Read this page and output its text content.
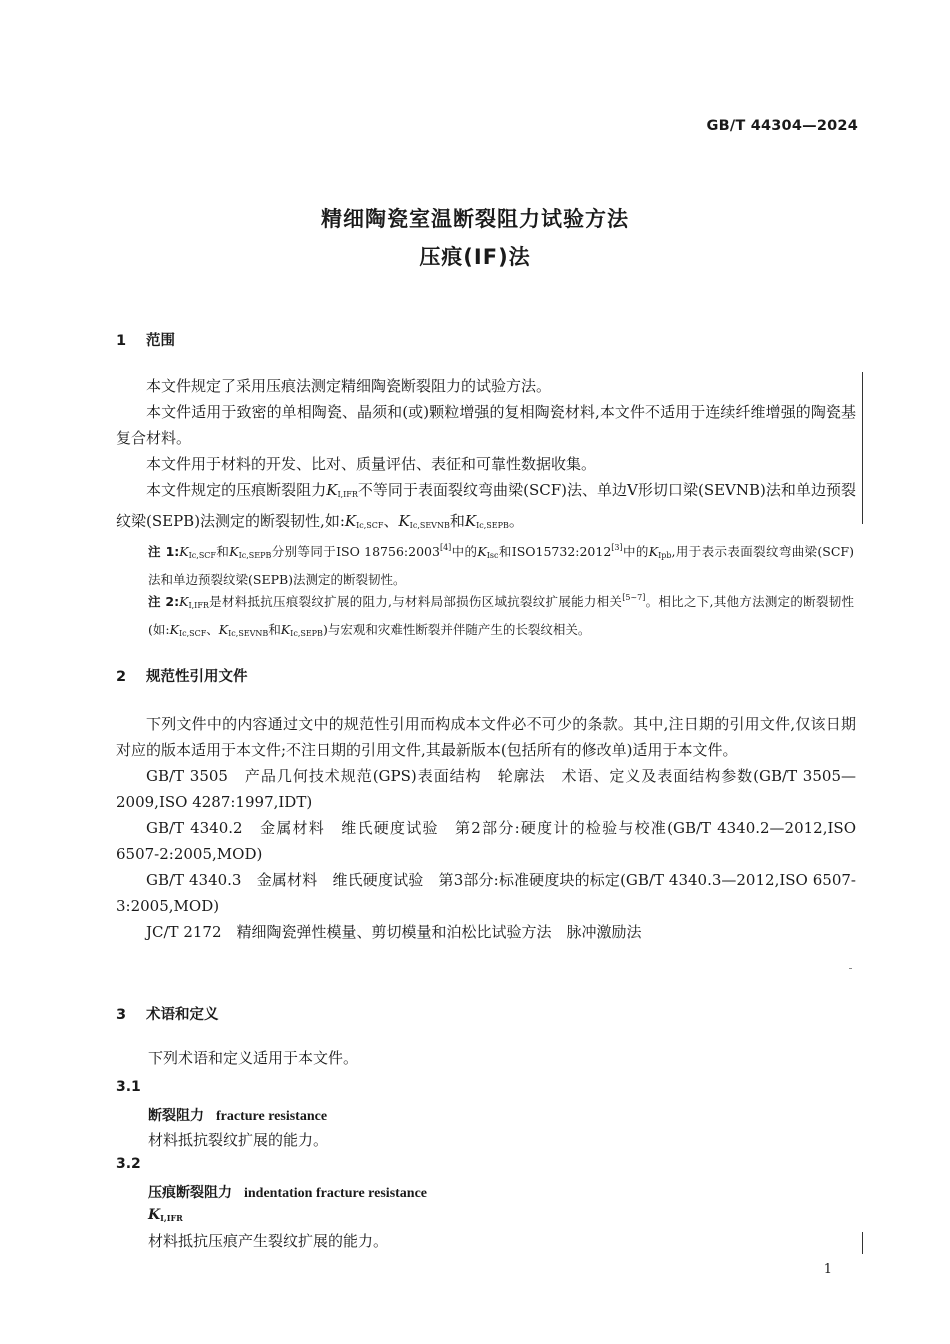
GB/T 44304—2024
精细陶瓷室温断裂阻力试验方法
压痕(IF)法
1 范围

本文件规定了采用压痕法测定精细陶瓷断裂阻力的试验方法。

本文件适用于致密的单相陶瓷、晶须和(或)颗粒增强的复相陶瓷材料,本文件不适用于连续纤维增强的陶瓷基复合材料。

本文件用于材料的开发、比对、质量评估、表征和可靠性数据收集。

本文件规定的压痕断裂阻力$K_{I,IFR}$不等同于表面裂纹弯曲梁(SCF)法、单边V形切口梁(SEVNB)法和单边预裂纹梁(SEPB)法测定的断裂韧性,如$:K_{Ic,SCF}$、$K_{Ic,SEVNB}$和$K_{Ic,SEPB}$。

注 $1:K_{Ic,SCF}$和$K_{Ic,SEPB}$分别等同于ISO 18756:2003[4]中的$K_{Isc}$和ISO15732:2012[3]中的$K_{Ipb}$,用于表示表面裂纹弯曲梁(SCF)法和单边预裂纹梁(SEPB)法测定的断裂韧性。
注 $2:K_{I,IFR}$是材料抵抗压痕裂纹扩展的阻力,与材料局部损伤区域抗裂纹扩展能力相关[5~7]。相比之下,其他方法测定的断裂韧性(如$:K_{Ic,SCF}$、$K_{Ic,SEVNB}$和$K_{Ic,SEPB}$)与宏观和灾难性断裂并伴随产生的长裂纹相关。
2 规范性引用文件

下列文件中的内容通过文中的规范性引用而构成本文件必不可少的条款。其中,注日期的引用文件,仅该日期对应的版本适用于本文件;不注日期的引用文件,其最新版本(包括所有的修改单)适用于本文件。

GB/T 3505　产品几何技术规范(GPS)表面结构　轮廓法　术语、定义及表面结构参数(GB/T 3505—2009,ISO 4287:1997,IDT)

GB/T 4340.2　金属材料　维氏硬度试验　第2部分:硬度计的检验与校准(GB/T 4340.2—2012,ISO 6507-2:2005,MOD)

GB/T 4340.3　金属材料　维氏硬度试验　第3部分:标准硬度块的标定(GB/T 4340.3—2012,ISO 6507-3:2005,MOD)

JC/T 2172　精细陶瓷弹性模量、剪切模量和泊松比试验方法　脉冲激励法

3 术语和定义
下列术语和定义适用于本文件。
3.1
断裂阻力 fracture resistance
材料抵抗裂纹扩展的能力。
3.2
压痕断裂阻力 indentation fracture resistance
$K_{I,IFR}$
材料抵抗压痕产生裂纹扩展的能力。
1
